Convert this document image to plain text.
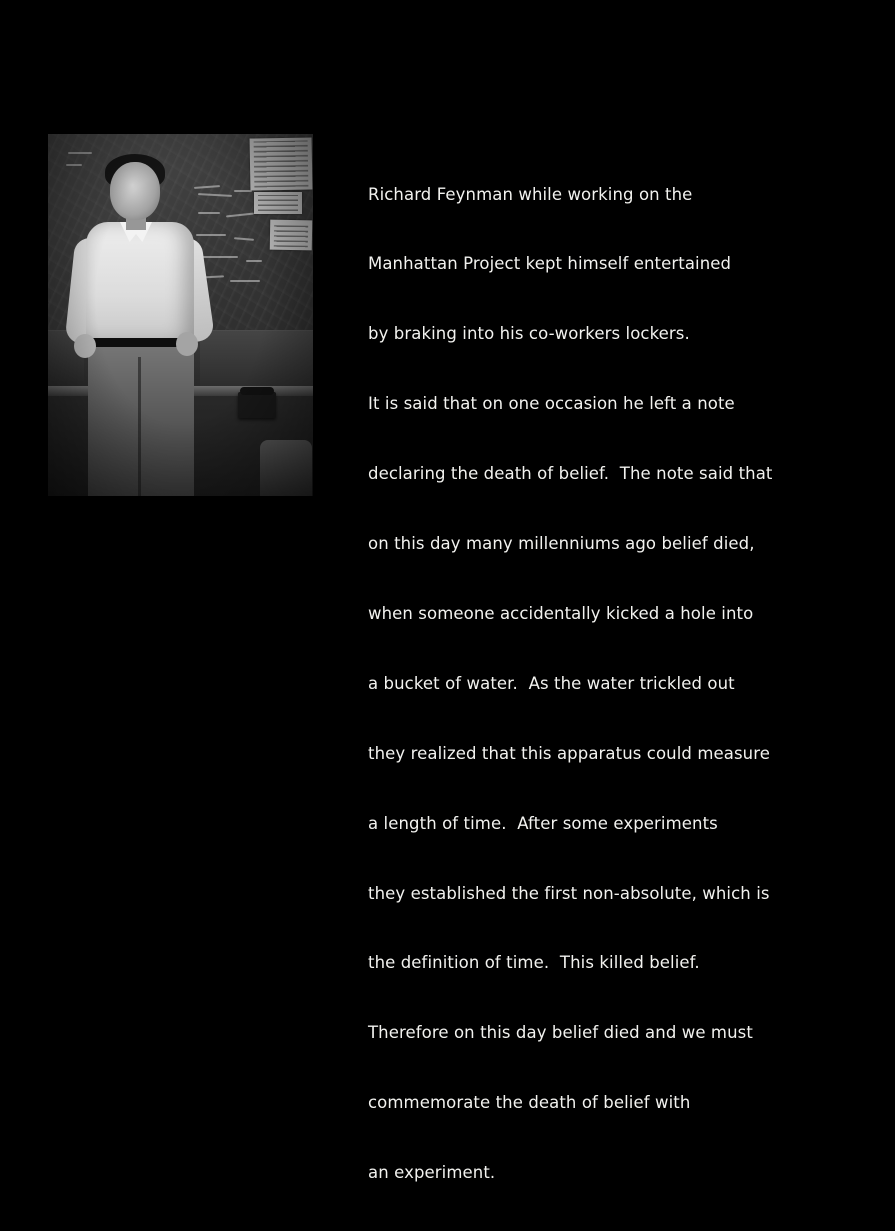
Richard Feynman while working on the

Manhattan Project kept himself entertained

by braking into his co-workers lockers.

It is said that on one occasion he left a note

declaring the death of belief.  The note said that

on this day many millenniums ago belief died,

when someone accidentally kicked a hole into

a bucket of water.  As the water trickled out

they realized that this apparatus could measure

a length of time.  After some experiments

they established the first non-absolute, which is

the definition of time.  This killed belief.

Therefore on this day belief died and we must

commemorate the death of belief with

an experiment.
